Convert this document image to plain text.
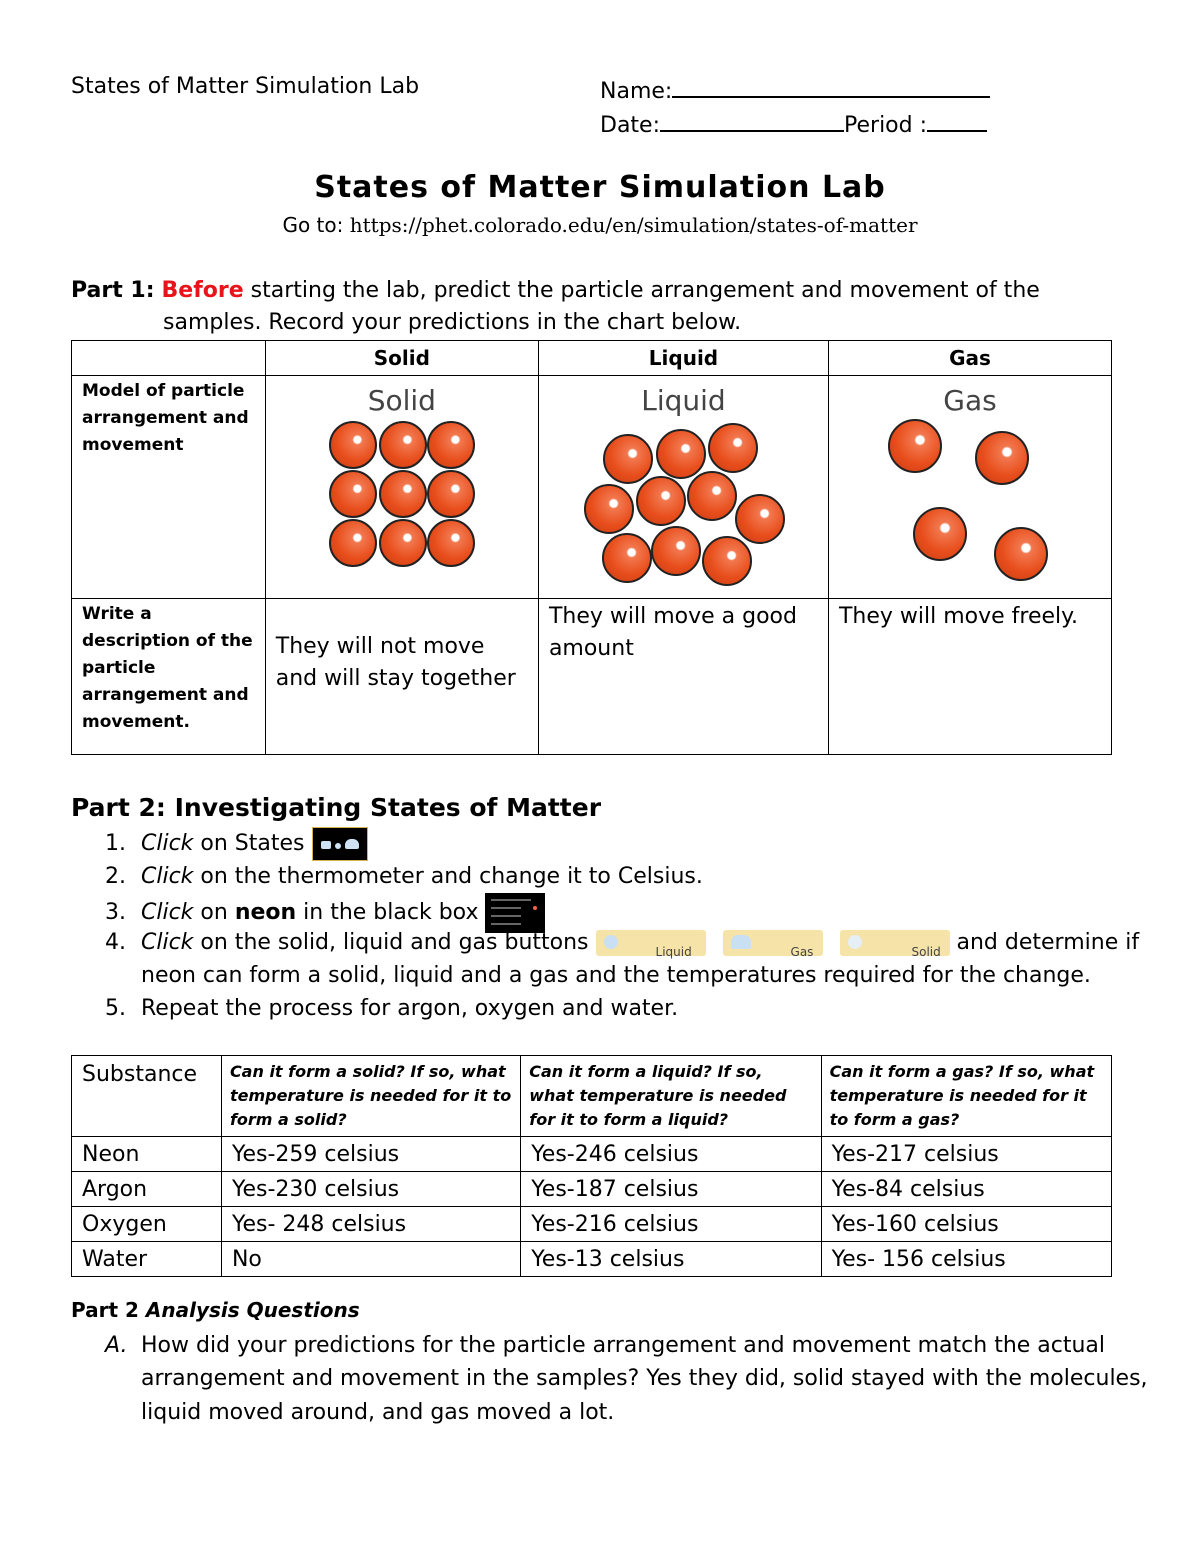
States of Matter Simulation Lab	Name:
Date:	Period :
States of Matter Simulation Lab
Go to: https://phet.colorado.edu/en/simulation/states-of-matter
Part 1: Before starting the lab, predict the particle arrangement and movement of the
samples. Record your predictions in the chart below.
	Solid	Liquid	Gas
Model of particle arrangement and movement	Solid	Liquid	Gas

Write a description of the particle arrangement and movement.	They will not move and will stay together	They will move a good amount	They will move freely.
Part 2: Investigating States of Matter
1. Click on States
2. Click on the thermometer and change it to Celsius.
3. Click on neon in the black box
4. Click on the solid, liquid and gas buttons	Liquid
	Gas
	Solid and determine if
neon can form a solid, liquid and a gas and the temperatures required for the change.
5. Repeat the process for argon, oxygen and water.
Substance	Can it form a solid? If so, what temperature is needed for it to form a solid?	Can it form a liquid? If so, what temperature is needed for it to form a liquid?	Can it form a gas? If so, what temperature is needed for it to form a gas?
Neon	Yes-259 celsius	Yes-246 celsius	Yes-217 celsius
Argon	Yes-230 celsius	Yes-187 celsius	Yes-84 celsius
Oxygen	Yes- 248 celsius	Yes-216 celsius	Yes-160 celsius
Water	No	Yes-13 celsius	Yes- 156 celsius
Part 2 Analysis Questions
A. How did your predictions for the particle arrangement and movement match the actual
arrangement and movement in the samples? Yes they did, solid stayed with the molecules,
liquid moved around, and gas moved a lot.
